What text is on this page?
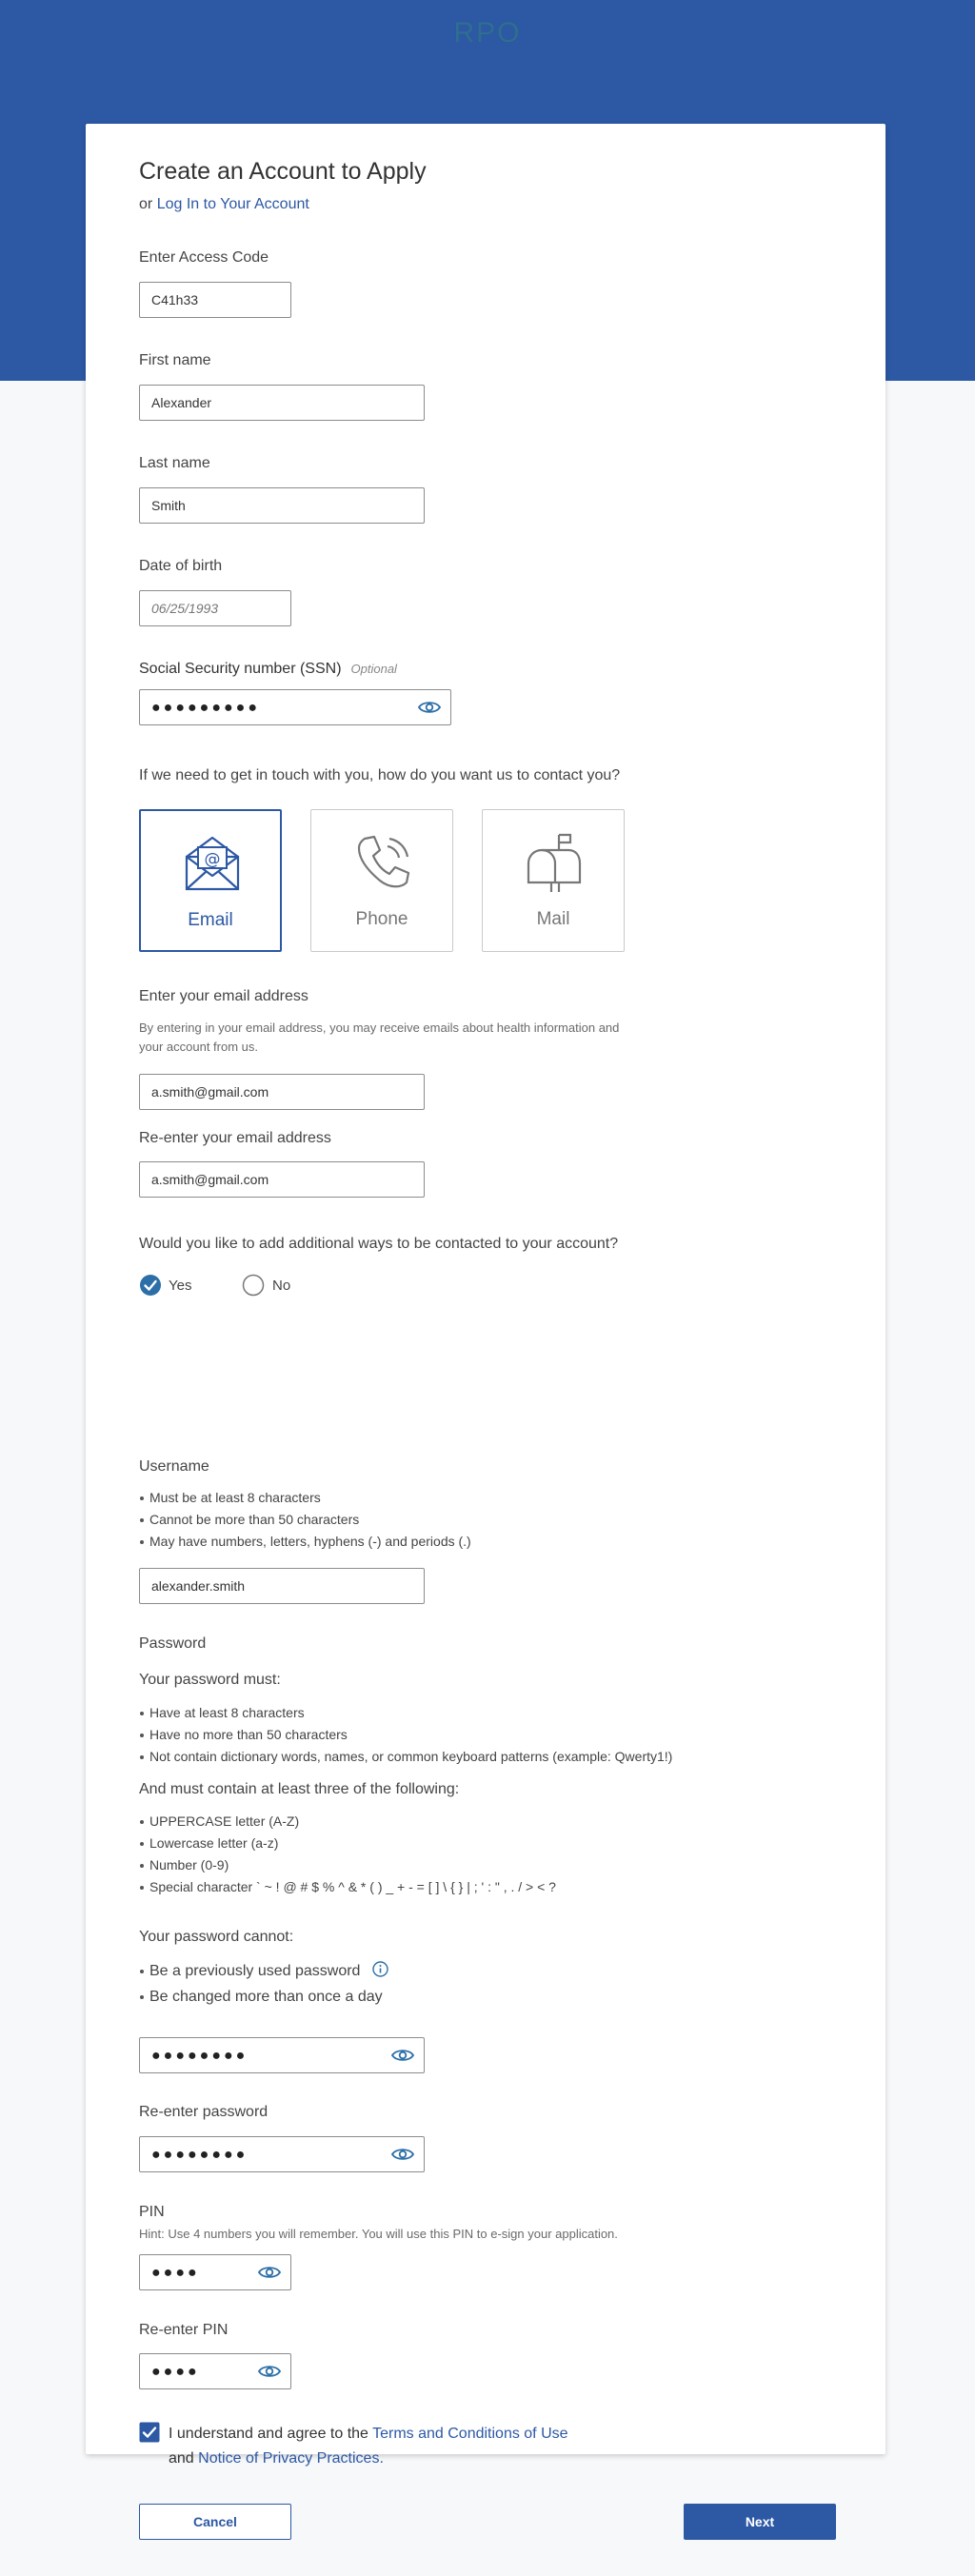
RPO
Create an Account to Apply
or Log In to Your Account
Enter Access Code
C41h33
First name
Alexander
Last name
Smith
Date of birth
06/25/1993
Social Security number (SSN) Optional
●●●●●●●●●
If we need to get in touch with you, how do you want us to contact you?
@
Email	Phone	Mail
Enter your email address
By entering in your email address, you may receive emails about health information and your account from us.
a.smith@gmail.com
Re-enter your email address
a.smith@gmail.com
Would you like to add additional ways to be contacted to your account?
Yes	No
Username
Must be at least 8 characters
Cannot be more than 50 characters
May have numbers, letters, hyphens (-) and periods (.)
alexander.smith
Password
Your password must:
Have at least 8 characters
Have no more than 50 characters
Not contain dictionary words, names, or common keyboard patterns (example: Qwerty1!)
And must contain at least three of the following:
UPPERCASE letter (A-Z)
Lowercase letter (a-z)
Number (0-9)
Special character ` ~ ! @ # $ % ^ & * ( ) _ + - = [ ] \ { } | ; ' : " , . / > < ?
Your password cannot:
Be a previously used password
Be changed more than once a day
●●●●●●●●
Re-enter password
●●●●●●●●
PIN
Hint: Use 4 numbers you will remember. You will use this PIN to e-sign your application.
●●●●
Re-enter PIN
●●●●
I understand and agree to the Terms and Conditions of Use
and Notice of Privacy Practices.
Cancel	Next
